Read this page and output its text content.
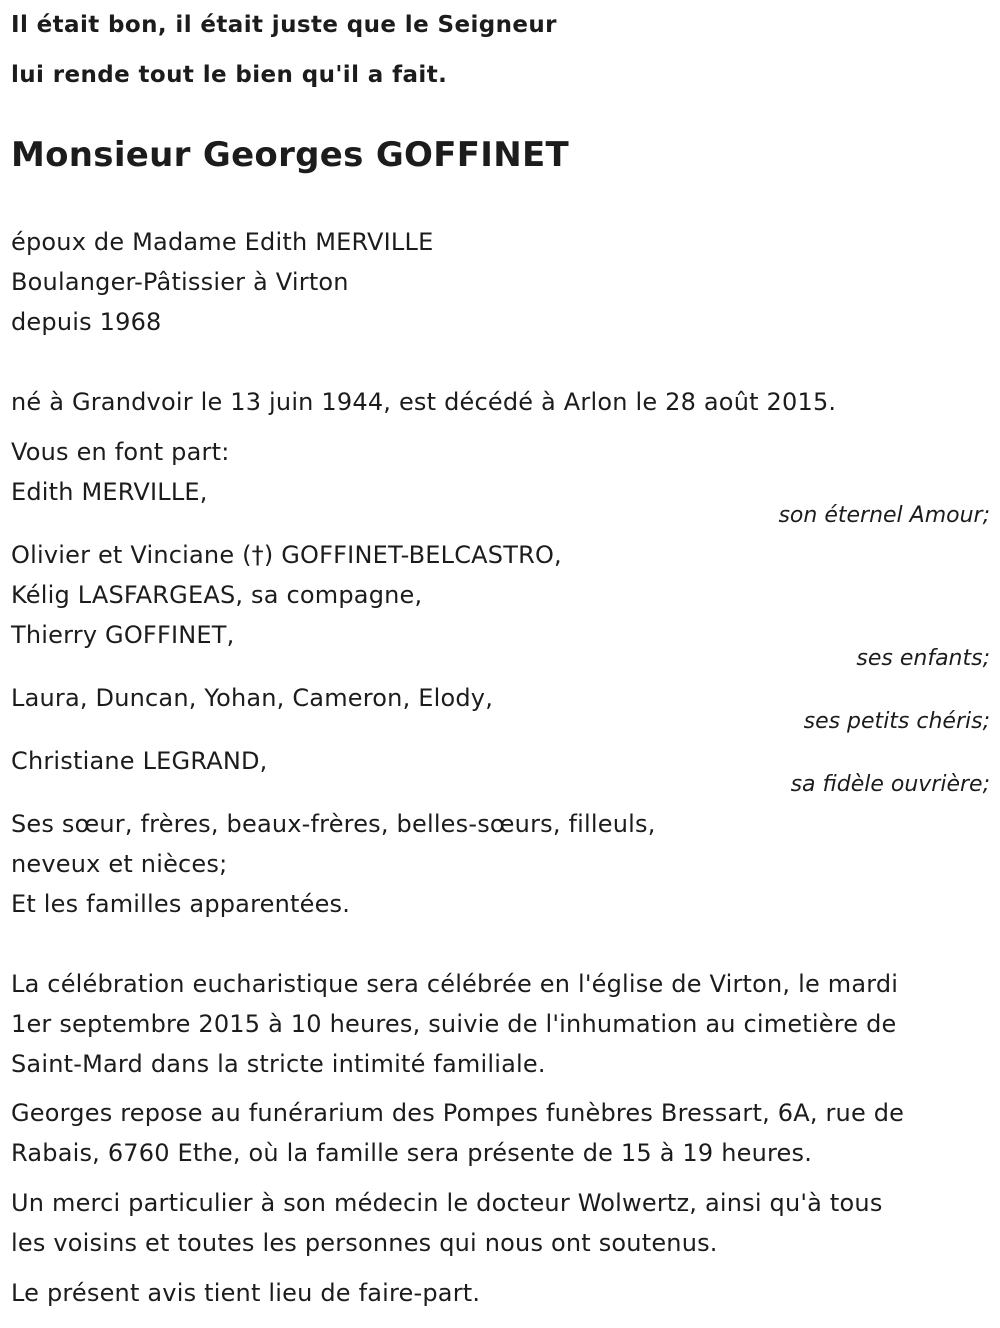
Il était bon, il était juste que le Seigneur
lui rende tout le bien qu'il a fait.
Monsieur Georges GOFFINET
époux de Madame Edith MERVILLE
Boulanger-Pâtissier à Virton
depuis 1968
né à Grandvoir le 13 juin 1944, est décédé à Arlon le 28 août 2015.
Vous en font part:
Edith MERVILLE,
son éternel Amour;
Olivier et Vinciane (†) GOFFINET-BELCASTRO,
Kélig LASFARGEAS, sa compagne,
Thierry GOFFINET,
ses enfants;
Laura, Duncan, Yohan, Cameron, Elody,
ses petits chéris;
Christiane LEGRAND,
sa fidèle ouvrière;
Ses sœur, frères, beaux-frères, belles-sœurs, filleuls,
neveux et nièces;
Et les familles apparentées.
La célébration eucharistique sera célébrée en l'église de Virton, le mardi
1er septembre 2015 à 10 heures, suivie de l'inhumation au cimetière de
Saint-Mard dans la stricte intimité familiale.
Georges repose au funérarium des Pompes funèbres Bressart, 6A, rue de
Rabais, 6760 Ethe, où la famille sera présente de 15 à 19 heures.
Un merci particulier à son médecin le docteur Wolwertz, ainsi qu'à tous
les voisins et toutes les personnes qui nous ont soutenus.
Le présent avis tient lieu de faire-part.
